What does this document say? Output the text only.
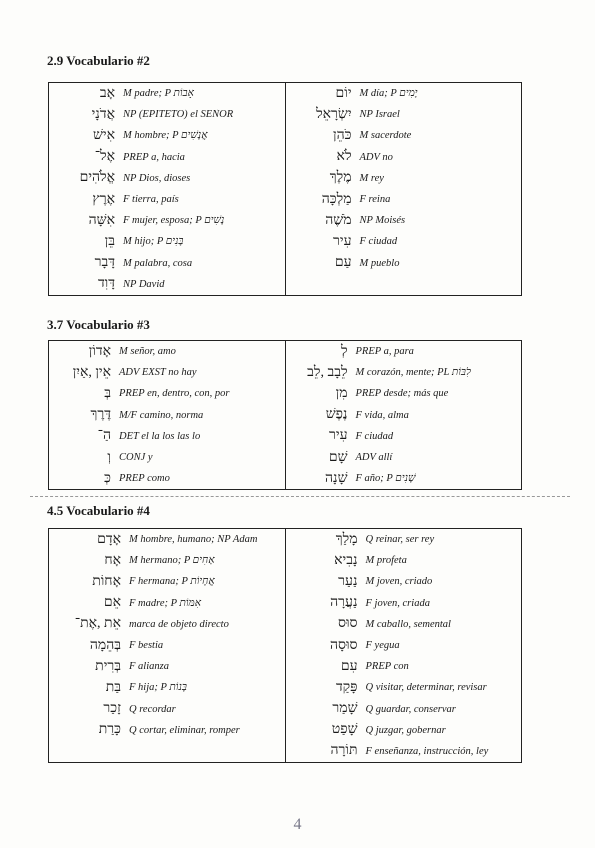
2.9 Vocabulario #2
אָב M padre; P אָבוֹת
אֲדֹנָי NP (EPITETO) el SEÑOR
אִישׁ M hombre; P אֲנָשִׁים
אֶל־ PREP a, hacia
אֱלֹהִים NP Dios, dioses
אֶרֶץ F tierra, país
אִשָּׁה F mujer, esposa; P נָשִׁים
בֵּן M hijo; P בָּנִים
דָּבָר M palabra, cosa
דָּוִד NP David
יוֹם M día; P יָמִים
יִשְׂרָאֵל NP Israel
כֹּהֵן M sacerdote
לֹא ADV no
מֶלֶךְ M rey
מַלְכָּה F reina
מֹשֶׁה NP Moisés
עִיר F ciudad
עַם M pueblo
3.7 Vocabulario #3
אָדוֹן M señor, amo
אֵין ,אַיִן ADV EXST no hay
בְּ PREP en, dentro, con, por
דֶּרֶךְ M/F camino, norma
הַ־ DET el la los las lo
וְ CONJ y
כְּ PREP como
לְ PREP a, para
לֵבָב ,לֵב M corazón, mente; PL לִבּוֹת
מִן PREP desde; más que
נֶפֶשׁ F vida, alma
עִיר F ciudad
שָׁם ADV allí
שָׁנָה F año; P שָׁנִים
4.5 Vocabulario #4
אָדָם M hombre, humano; NP Adam
אָח M hermano; P אַחִים
אָחוֹת F hermana; P אֲחָיוֹת
אֵם F madre; P אִמּוֹת
אֵת ,אֶת־ marca de objeto directo
בְּהֵמָה F bestia
בְּרִית F alianza
בַּת F hija; P בָּנוֹת
זָכַר Q recordar
כָּרַת Q cortar, eliminar, romper
מָלַךְ Q reinar, ser rey
נָבִיא M profeta
נַעַר M joven, criado
נַעֲרָה F joven, criada
סוּס M caballo, semental
סוּסָה F yegua
עִם PREP con
פָּקַד Q visitar, determinar, revisar
שָׁמַר Q guardar, conservar
שָׁפַט Q juzgar, gobernar
תּוֹרָה F enseñanza, instrucción, ley
4
